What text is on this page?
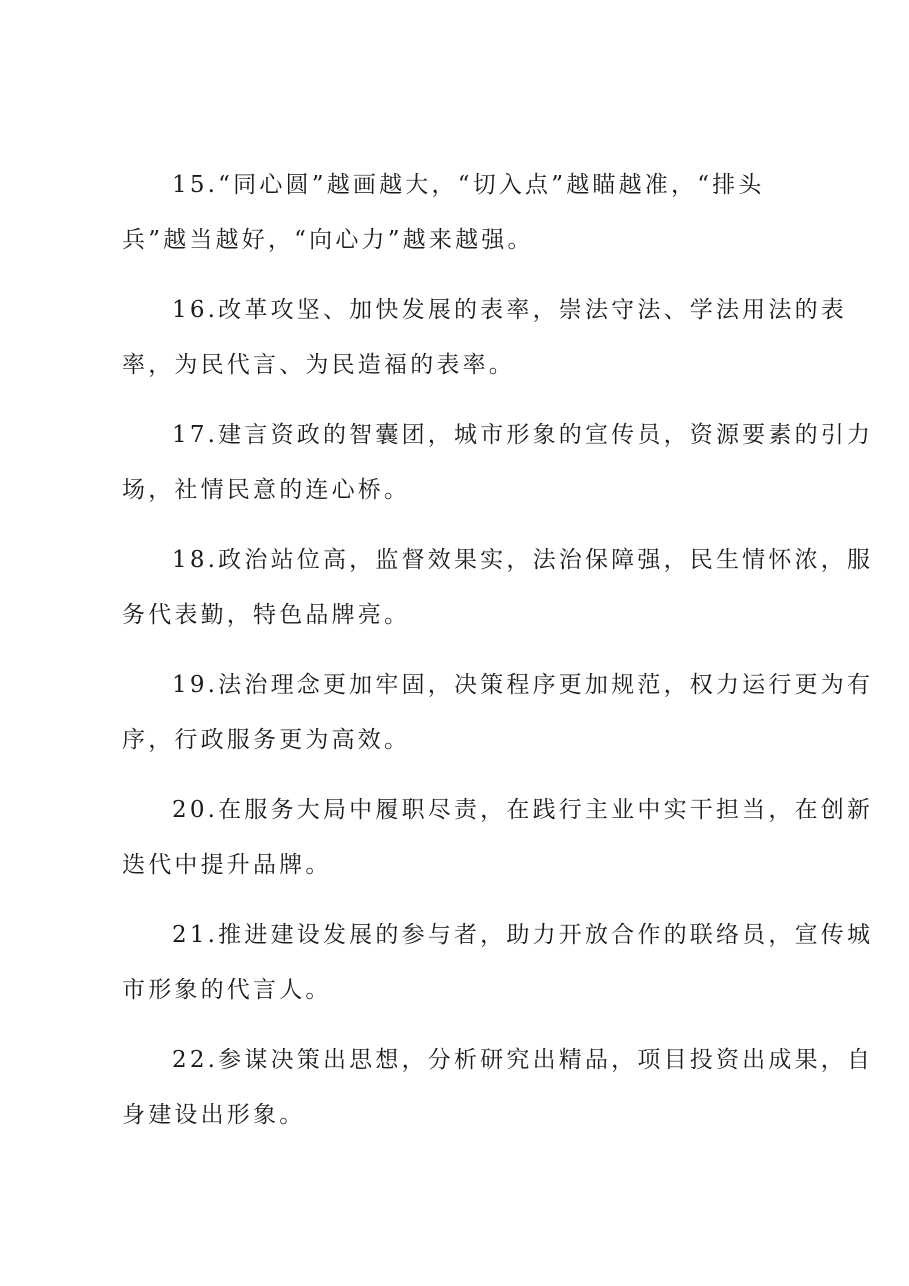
15.“同心圆”越画越大，“切入点”越瞄越准，“排头
兵”越当越好，“向心力”越来越强。

16.改革攻坚、加快发展的表率，崇法守法、学法用法的表
率，为民代言、为民造福的表率。

17.建言资政的智囊团，城市形象的宣传员，资源要素的引力
场，社情民意的连心桥。

18.政治站位高，监督效果实，法治保障强，民生情怀浓，服
务代表勤，特色品牌亮。

19.法治理念更加牢固，决策程序更加规范，权力运行更为有
序，行政服务更为高效。

20.在服务大局中履职尽责，在践行主业中实干担当，在创新
迭代中提升品牌。

21.推进建设发展的参与者，助力开放合作的联络员，宣传城
市形象的代言人。

22.参谋决策出思想，分析研究出精品，项目投资出成果，自
身建设出形象。
